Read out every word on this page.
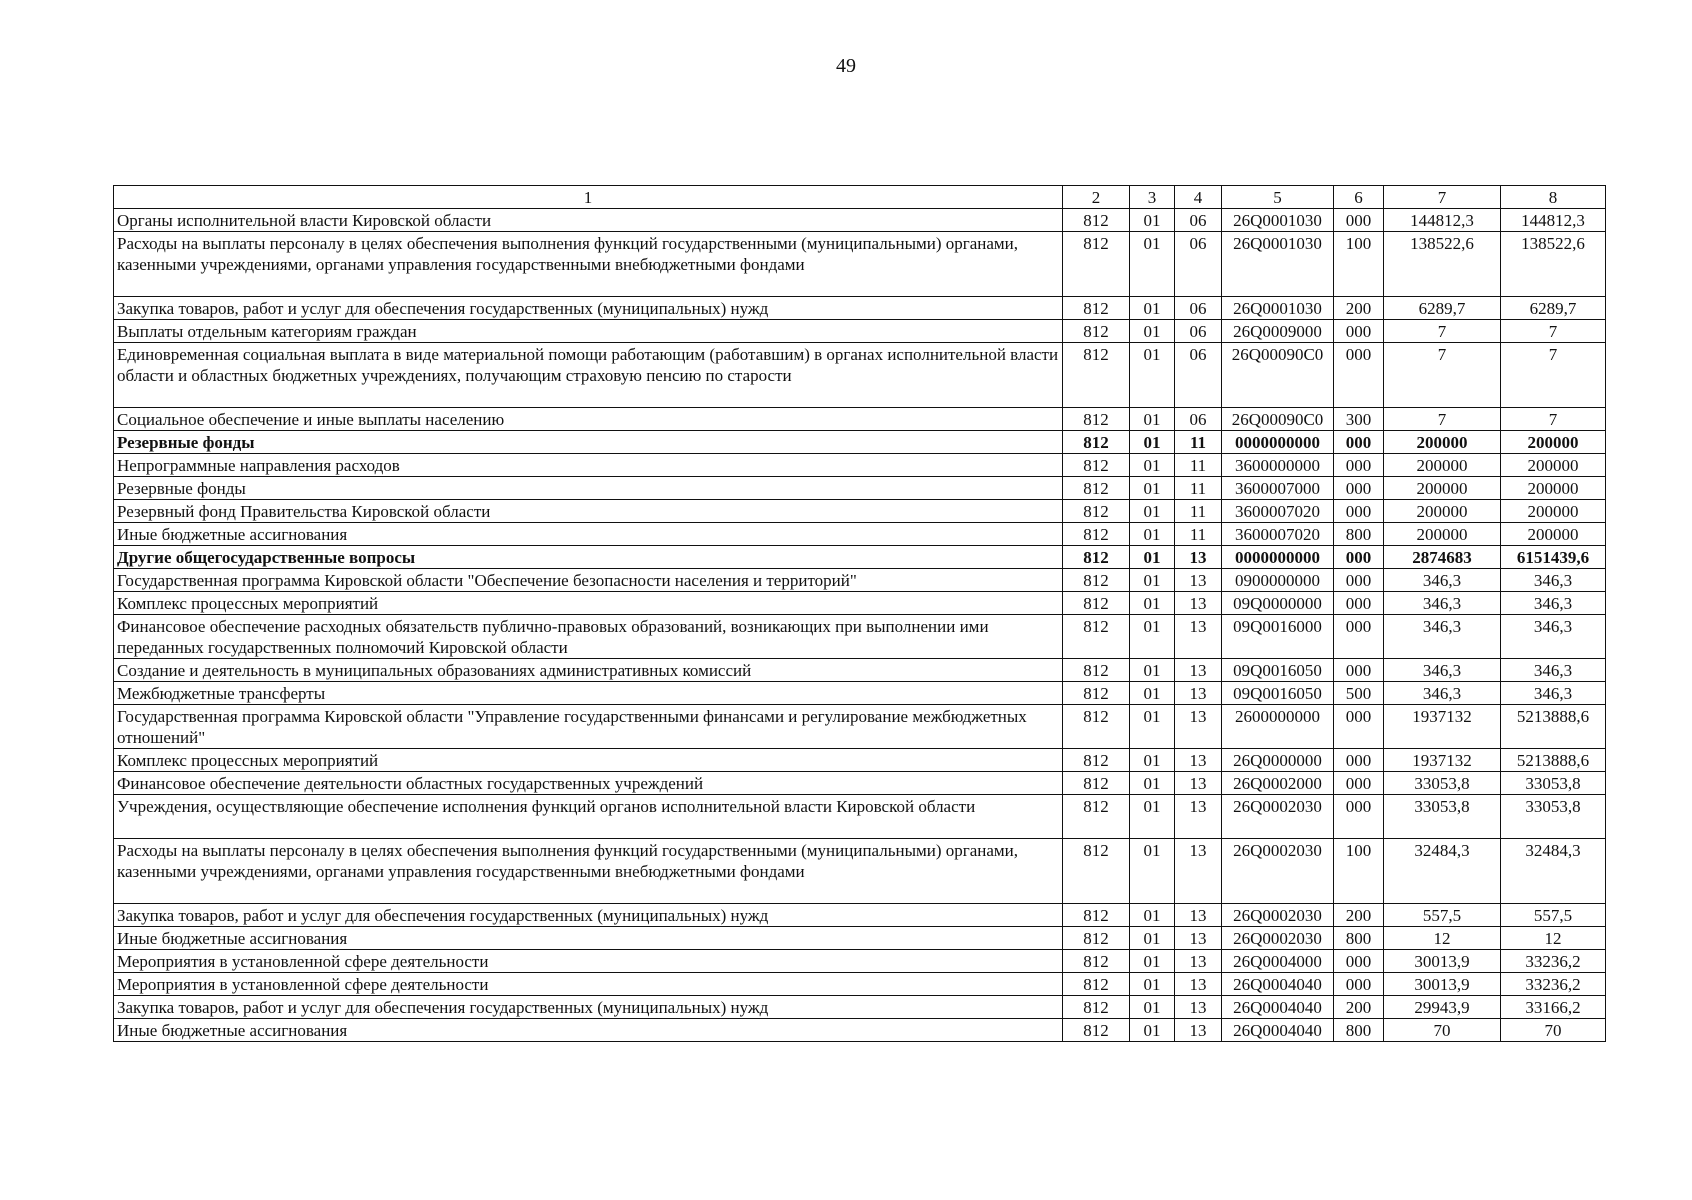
49
1	2	3	4	5	6	7	8
Органы исполнительной власти Кировской области	812	01	06	26Q0001030	000	144812,3	144812,3
Расходы на выплаты персоналу в целях обеспечения выполнения функций государственными (муниципальными) органами, казенными учреждениями, органами управления государственными внебюджетными фондами	812	01	06	26Q0001030	100	138522,6	138522,6
Закупка товаров, работ и услуг для обеспечения государственных (муниципальных) нужд	812	01	06	26Q0001030	200	6289,7	6289,7
Выплаты отдельным категориям граждан	812	01	06	26Q0009000	000	7	7
Единовременная социальная выплата в виде материальной помощи работающим (работавшим) в органах исполнительной власти области и областных бюджетных учреждениях, получающим страховую пенсию по старости	812	01	06	26Q00090C0	000	7	7
Социальное обеспечение и иные выплаты населению	812	01	06	26Q00090C0	300	7	7
Резервные фонды	812	01	11	0000000000	000	200000	200000
Непрограммные направления расходов	812	01	11	3600000000	000	200000	200000
Резервные фонды	812	01	11	3600007000	000	200000	200000
Резервный фонд Правительства Кировской области	812	01	11	3600007020	000	200000	200000
Иные бюджетные ассигнования	812	01	11	3600007020	800	200000	200000
Другие общегосударственные вопросы	812	01	13	0000000000	000	2874683	6151439,6
Государственная программа Кировской области "Обеспечение безопасности населения и территорий"	812	01	13	0900000000	000	346,3	346,3
Комплекс процессных мероприятий	812	01	13	09Q0000000	000	346,3	346,3
Финансовое обеспечение расходных обязательств публично-правовых образований, возникающих при выполнении ими переданных государственных полномочий Кировской области	812	01	13	09Q0016000	000	346,3	346,3
Создание и деятельность в муниципальных образованиях административных комиссий	812	01	13	09Q0016050	000	346,3	346,3
Межбюджетные трансферты	812	01	13	09Q0016050	500	346,3	346,3
Государственная программа Кировской области "Управление государственными финансами и регулирование межбюджетных отношений"	812	01	13	2600000000	000	1937132	5213888,6
Комплекс процессных мероприятий	812	01	13	26Q0000000	000	1937132	5213888,6
Финансовое обеспечение деятельности областных государственных учреждений	812	01	13	26Q0002000	000	33053,8	33053,8
Учреждения, осуществляющие обеспечение исполнения функций органов исполнительной власти Кировской области	812	01	13	26Q0002030	000	33053,8	33053,8
Расходы на выплаты персоналу в целях обеспечения выполнения функций государственными (муниципальными) органами, казенными учреждениями, органами управления государственными внебюджетными фондами	812	01	13	26Q0002030	100	32484,3	32484,3
Закупка товаров, работ и услуг для обеспечения государственных (муниципальных) нужд	812	01	13	26Q0002030	200	557,5	557,5
Иные бюджетные ассигнования	812	01	13	26Q0002030	800	12	12
Мероприятия в установленной сфере деятельности	812	01	13	26Q0004000	000	30013,9	33236,2
Мероприятия в установленной сфере деятельности	812	01	13	26Q0004040	000	30013,9	33236,2
Закупка товаров, работ и услуг для обеспечения государственных (муниципальных) нужд	812	01	13	26Q0004040	200	29943,9	33166,2
Иные бюджетные ассигнования	812	01	13	26Q0004040	800	70	70
